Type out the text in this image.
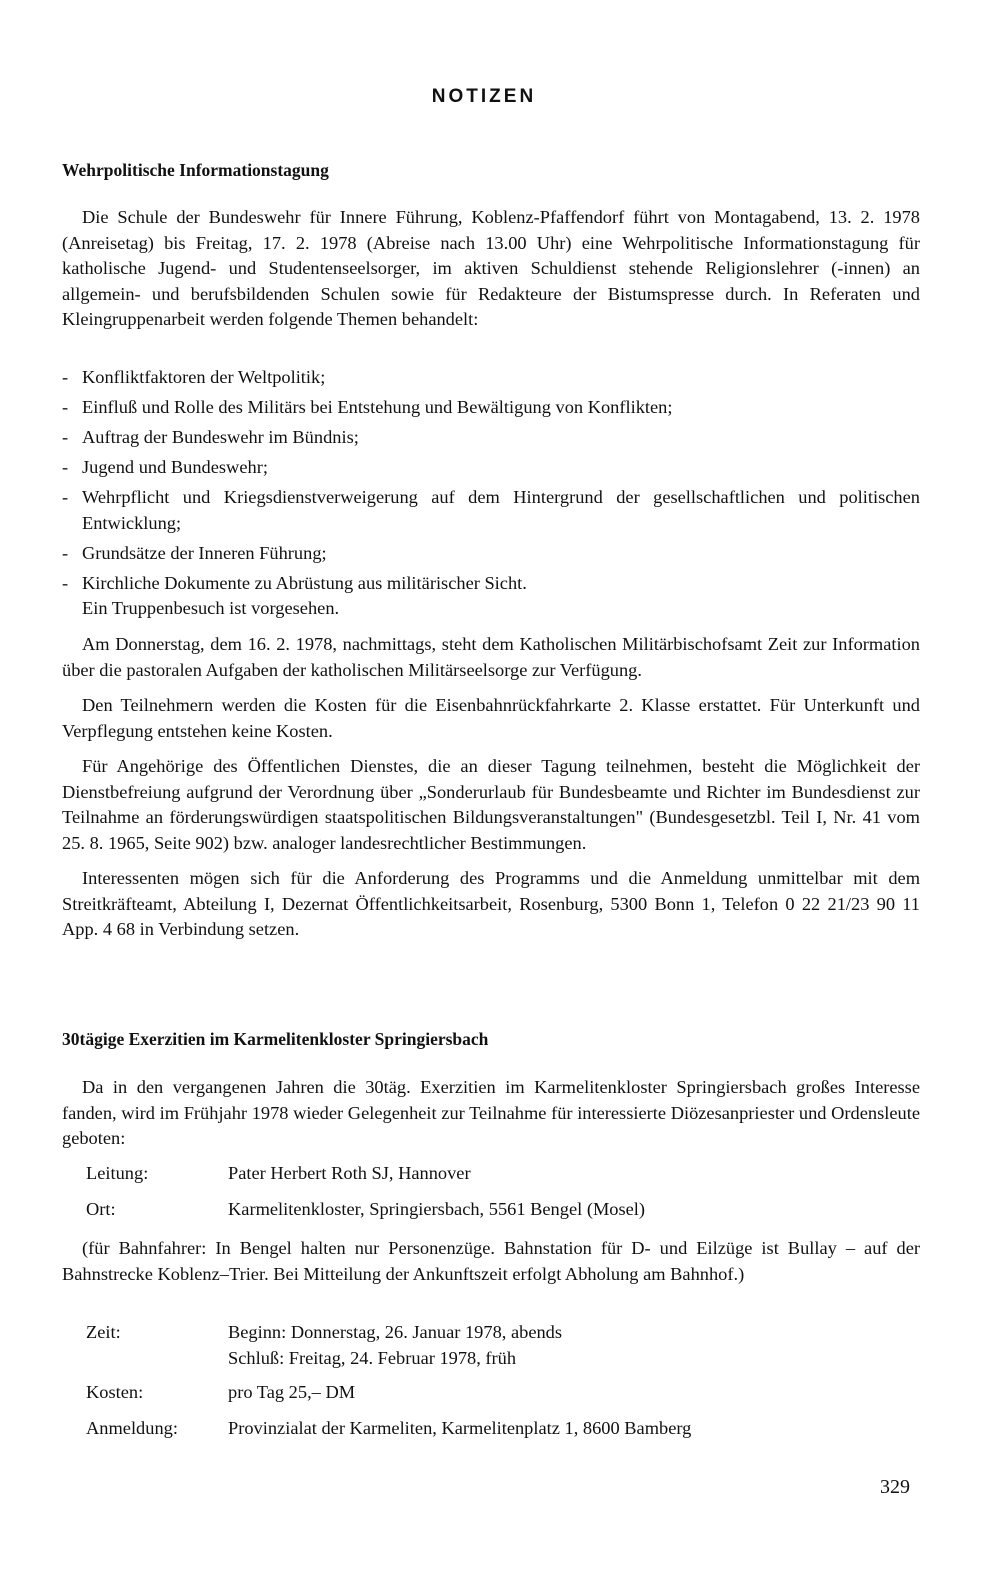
NOTIZEN
Wehrpolitische Informationstagung

Die Schule der Bundeswehr für Innere Führung, Koblenz-Pfaffendorf führt von Montagabend, 13. 2. 1978 (Anreisetag) bis Freitag, 17. 2. 1978 (Abreise nach 13.00 Uhr) eine Wehrpolitische Informationstagung für katholische Jugend- und Studentenseelsorger, im aktiven Schuldienst stehende Religionslehrer (-innen) an allgemein- und berufsbildenden Schulen sowie für Redakteure der Bistumspresse durch. In Referaten und Kleingruppenarbeit werden folgende Themen behandelt:

- Konfliktfaktoren der Weltpolitik;
- Einfluß und Rolle des Militärs bei Entstehung und Bewältigung von Konflikten;
- Auftrag der Bundeswehr im Bündnis;
- Jugend und Bundeswehr;
- Wehrpflicht und Kriegsdienstverweigerung auf dem Hintergrund der gesellschaftlichen und politischen Entwicklung;
- Grundsätze der Inneren Führung;
- Kirchliche Dokumente zu Abrüstung aus militärischer Sicht.
Ein Truppenbesuch ist vorgesehen.

Am Donnerstag, dem 16. 2. 1978, nachmittags, steht dem Katholischen Militärbischofsamt Zeit zur Information über die pastoralen Aufgaben der katholischen Militärseelsorge zur Verfügung.

Den Teilnehmern werden die Kosten für die Eisenbahnrückfahrkarte 2. Klasse erstattet. Für Unterkunft und Verpflegung entstehen keine Kosten.

Für Angehörige des Öffentlichen Dienstes, die an dieser Tagung teilnehmen, besteht die Möglichkeit der Dienstbefreiung aufgrund der Verordnung über „Sonderurlaub für Bundesbeamte und Richter im Bundesdienst zur Teilnahme an förderungswürdigen staatspolitischen Bildungsveranstaltungen" (Bundesgesetzbl. Teil I, Nr. 41 vom 25. 8. 1965, Seite 902) bzw. analoger landesrechtlicher Bestimmungen.

Interessenten mögen sich für die Anforderung des Programms und die Anmeldung unmittelbar mit dem Streitkräfteamt, Abteilung I, Dezernat Öffentlichkeitsarbeit, Rosenburg, 5300 Bonn 1, Telefon 0 22 21/23 90 11 App. 4 68 in Verbindung setzen.

30tägige Exerzitien im Karmelitenkloster Springiersbach

Da in den vergangenen Jahren die 30täg. Exerzitien im Karmelitenkloster Springiersbach großes Interesse fanden, wird im Frühjahr 1978 wieder Gelegenheit zur Teilnahme für interessierte Diözesanpriester und Ordensleute geboten:

Leitung:	Pater Herbert Roth SJ, Hannover
Ort:	Karmelitenkloster, Springiersbach, 5561 Bengel (Mosel)

(für Bahnfahrer: In Bengel halten nur Personenzüge. Bahnstation für D- und Eilzüge ist Bullay – auf der Bahnstrecke Koblenz–Trier. Bei Mitteilung der Ankunftszeit erfolgt Abholung am Bahnhof.)

Zeit:	Beginn: Donnerstag, 26. Januar 1978, abends
Schluß: Freitag, 24. Februar 1978, früh
Kosten:	pro Tag 25,– DM
Anmeldung:	Provinzialat der Karmeliten, Karmelitenplatz 1, 8600 Bamberg
329
